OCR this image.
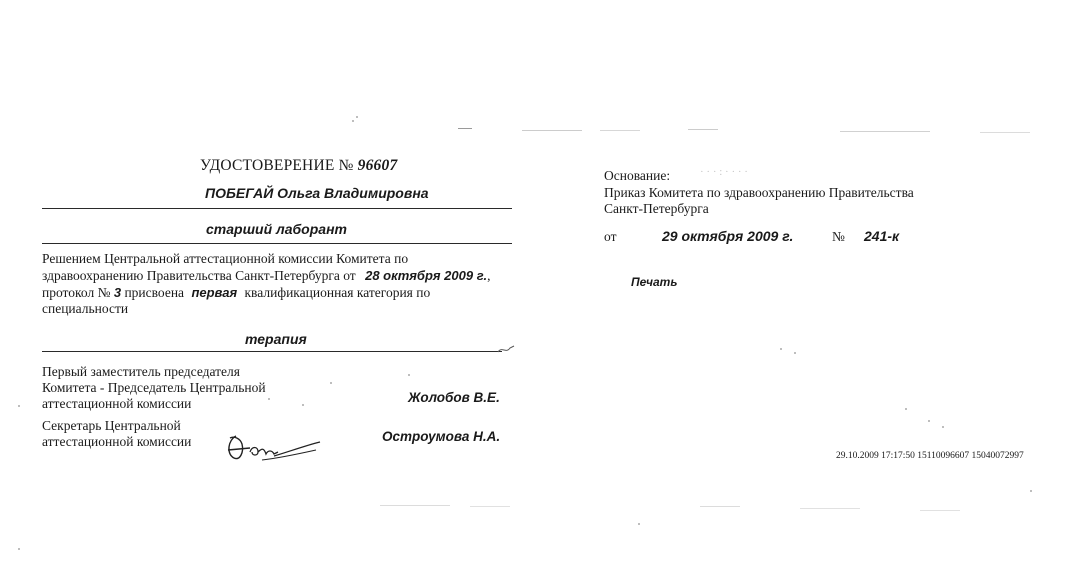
УДОСТОВЕРЕНИЕ № 96607
ПОБЕГАЙ Ольга Владимировна
старший лаборант
Решением Центральной аттестационной комиссии Комитета по
здравоохранению Правительства Санкт-Петербурга от 28 октября 2009 г.,
протокол № 3 присвоена первая квалификационная категория по
специальности
терапия
Первый заместитель председателя
Комитета - Председатель Центральной
аттестационной комиссии	Жолобов В.Е.
Секретарь Центральной
аттестационной комиссии	Остроумова Н.А.
Основание:	· · · : · · · ·
Приказ Комитета по здравоохранению Правительства
Санкт-Петербурга
от	29 октября 2009 г.	№ 241-к
Печать
29.10.2009 17:17:50 15110096607 15040072997
